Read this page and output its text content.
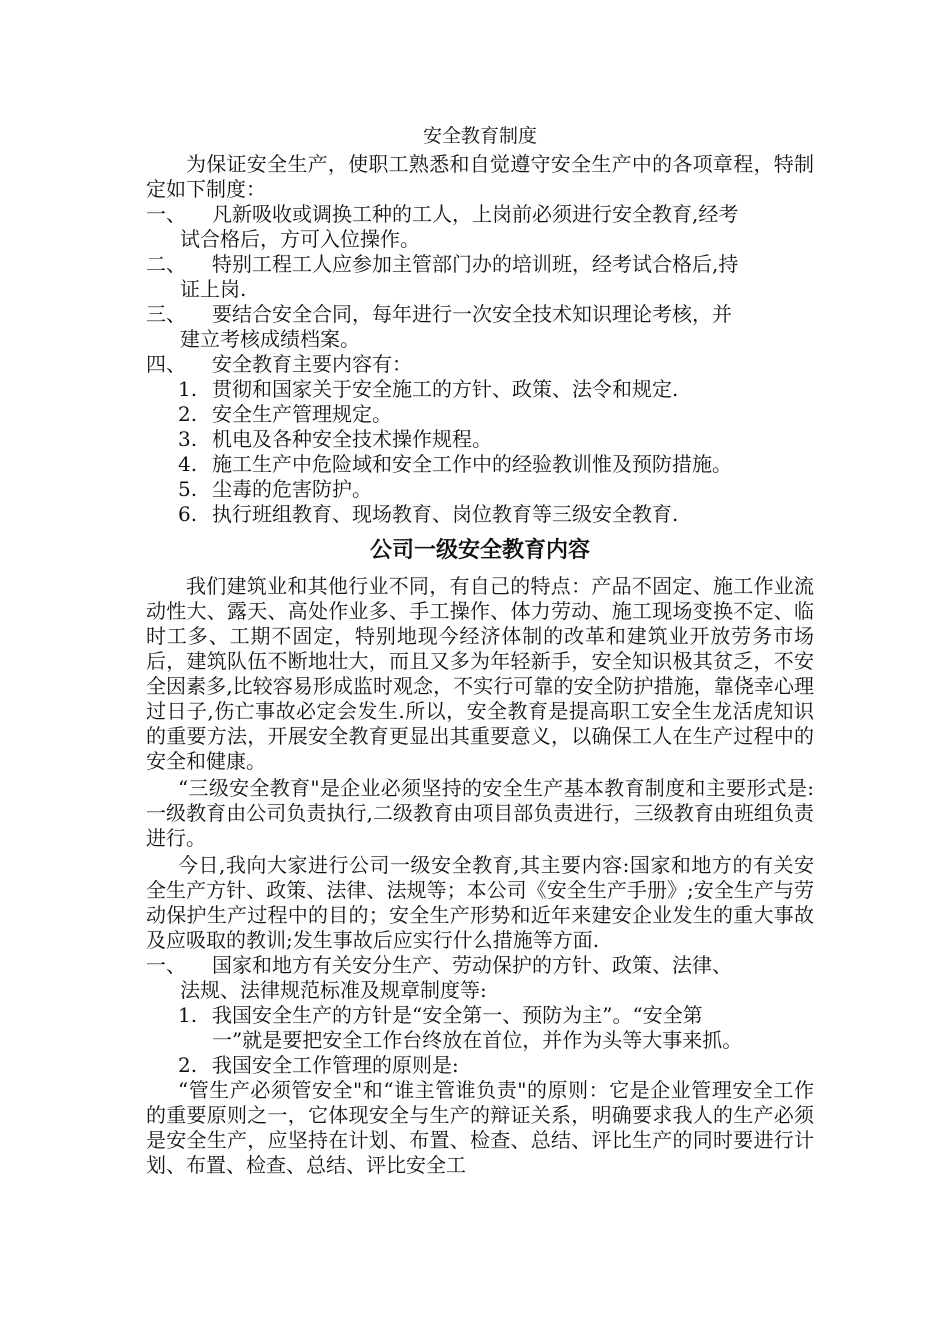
安全教育制度

为保证安全生产，使职工熟悉和自觉遵守安全生产中的各项章程，特制定如下制度：

一、	凡新吸收或调换工种的工人，上岗前必须进行安全教育,经考
试合格后，方可入位操作。
二、	特别工程工人应参加主管部门办的培训班，经考试合格后,持
证上岗.
三、	要结合安全合同，每年进行一次安全技术知识理论考核，并
建立考核成绩档案。
四、	安全教育主要内容有：
1. 贯彻和国家关于安全施工的方针、政策、法令和规定.
2. 安全生产管理规定。
3. 机电及各种安全技术操作规程。
4. 施工生产中危险域和安全工作中的经验教训惟及预防措施。
5. 尘毒的危害防护。
6. 执行班组教育、现场教育、岗位教育等三级安全教育.
公司一级安全教育内容

我们建筑业和其他行业不同，有自己的特点：产品不固定、施工作业流动性大、露天、高处作业多、手工操作、体力劳动、施工现场变换不定、临时工多、工期不固定，特别地现今经济体制的改革和建筑业开放劳务市场后，建筑队伍不断地壮大，而且又多为年轻新手，安全知识极其贫乏，不安全因素多,比较容易形成监时观念，不实行可靠的安全防护措施，靠侥幸心理过日子,伤亡事故必定会发生.所以，安全教育是提高职工安全生龙活虎知识的重要方法，开展安全教育更显出其重要意义，以确保工人在生产过程中的安全和健康。

“三级安全教育"是企业必须坚持的安全生产基本教育制度和主要形式是:一级教育由公司负责执行,二级教育由项目部负责进行，三级教育由班组负责进行。

今日,我向大家进行公司一级安全教育,其主要内容:国家和地方的有关安全生产方针、政策、法律、法规等；本公司《安全生产手册》;安全生产与劳动保护生产过程中的目的；安全生产形势和近年来建安企业发生的重大事故及应吸取的教训;发生事故后应实行什么措施等方面.

一、	国家和地方有关安分生产、劳动保护的方针、政策、法律、
法规、法律规范标准及规章制度等:
1. 我国安全生产的方针是“安全第一、预防为主”。“安全第
一”就是要把安全工作台终放在首位，并作为头等大事来抓。
2. 我国安全工作管理的原则是:

“管生产必须管安全"和“谁主管谁负责"的原则：它是企业管理安全工作的重要原则之一，它体现安全与生产的辩证关系，明确要求我人的生产必须是安全生产，应坚持在计划、布置、检查、总结、评比生产的同时要进行计划、布置、检查、总结、评比安全工
